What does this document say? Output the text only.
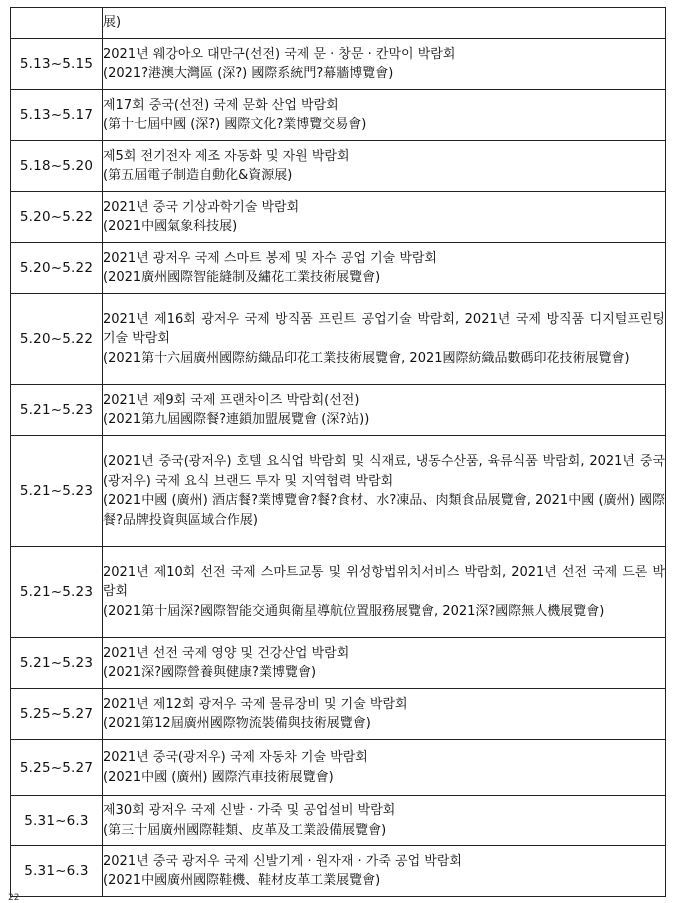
	展)

5.13~5.15	2021년 웨강아오 대만구(선전) 국제 문 · 창문 · 칸막이 박람회
(2021?港澳大灣區 (深?) 國際系統門?幕牆博覽會)

5.13~5.17	제17회 중국(선전) 국제 문화 산업 박람회
(第十七屆中國 (深?) 國際文化?業博覽交易會)

5.18~5.20	제5회 전기전자 제조 자동화 및 자원 박람회
(第五屆電子制造自動化&資源展)

5.20~5.22	2021년 중국 기상과학기술 박람회
(2021中國氣象科技展)

5.20~5.22	2021년 광저우 국제 스마트 봉제 및 자수 공업 기술 박람회
(2021廣州國際智能縫制及繡花工業技術展覽會)

5.20~5.22	2021년 제16회 광저우 국제 방직품 프린트 공업기술 박람회, 2021년 국제 방직품 디지털프린팅 기술 박람회
(2021第十六屆廣州國際紡織品印花工業技術展覽會, 2021國際紡織品數碼印花技術展覽會)

5.21~5.23	2021년 제9회 국제 프랜차이즈 박람회(선전)
(2021第九屆國際餐?連鎖加盟展覽會 (深?站))

5.21~5.23	(2021년 중국(광저우) 호텔 요식업 박람회 및 식재료, 냉동수산품, 육류식품 박람회, 2021년 중국(광저우) 국제 요식 브랜드 투자 및 지역협력 박람회
(2021中國 (廣州) 酒店餐?業博覽會?餐?食材、水?凍品、肉類食品展覽會, 2021中國 (廣州) 國際餐?品牌投資與區域合作展)

5.21~5.23	2021년 제10회 선전 국제 스마트교통 및 위성항법위치서비스 박람회, 2021년 선전 국제 드론 박람회
(2021第十屆深?國際智能交通與衛星導航位置服務展覽會, 2021深?國際無人機展覽會)

5.21~5.23	2021년 선전 국제 영양 및 건강산업 박람회
(2021深?國際營養與健康?業博覽會)

5.25~5.27	2021년 제12회 광저우 국제 물류장비 및 기술 박람회
(2021第12屆廣州國際物流裝備與技術展覽會)

5.25~5.27	2021년 중국(광저우) 국제 자동차 기술 박람회
(2021中國 (廣州) 國際汽車技術展覽會)

5.31~6.3	제30회 광저우 국제 신발 · 가죽 및 공업설비 박람회
(第三十屆廣州國際鞋類、皮革及工業設備展覽會)

5.31~6.3	2021년 중국 광저우 국제 신발기계 · 원자재 · 가죽 공업 박람회
(2021中國廣州國際鞋機、鞋材皮革工業展覽會)
22
